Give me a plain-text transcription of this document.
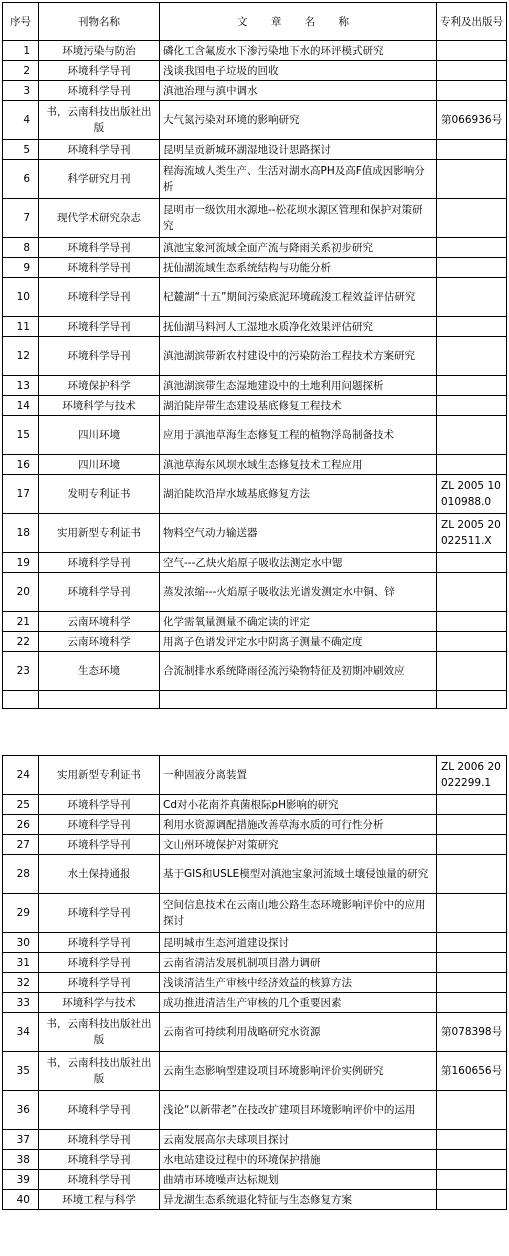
序号	刊物名称	文 章 名 称	专利及出版号
1	环境污染与防治	磷化工含氟废水下渗污染地下水的环评模式研究	
2	环境科学导刊	浅谈我国电子垃圾的回收	
3	环境科学导刊	滇池治理与滇中调水	
4	书，云南科技出版社出版	大气氮污染对环境的影响研究	第066936号
5	环境科学导刊	昆明呈贡新城环湖湿地设计思路探讨	
6	科学研究月刊	程海流域人类生产、生活对湖水高PH及高F值成因影响分析	
7	现代学术研究杂志	昆明市一级饮用水源地--松花坝水源区管理和保护对策研究	
8	环境科学导刊	滇池宝象河流域全面产流与降雨关系初步研究	
9	环境科学导刊	抚仙湖流域生态系统结构与功能分析	
10	环境科学导刊	杞麓湖“十五”期间污染底泥环境疏浚工程效益评估研究	
11	环境科学导刊	抚仙湖马料河人工湿地水质净化效果评估研究	
12	环境科学导刊	滇池湖滨带新农村建设中的污染防治工程技术方案研究	
13	环境保护科学	滇池湖滨带生态湿地建设中的土地利用问题探析	
14	环境科学与技术	湖泊陡岸带生态建设基底修复工程技术	
15	四川环境	应用于滇池草海生态修复工程的植物浮岛制备技术	
16	四川环境	滇池草海东风坝水域生态修复技术工程应用	
17	发明专利证书	湖泊陡坎沿岸水域基底修复方法	ZL 2005 10010988.0
18	实用新型专利证书	物料空气动力输送器	ZL 2005 20022511.X
19	环境科学导刊	空气---乙炔火焰原子吸收法测定水中锶	
20	环境科学导刊	蒸发浓缩---火焰原子吸收法光谱发测定水中铜、锌	
21	云南环境科学	化学需氧量测量不确定读的评定	
22	云南环境科学	用离子色谱发评定水中阴离子测量不确定度	
23	生态环境	合流制排水系统降雨径流污染物特征及初期冲刷效应	

24	实用新型专利证书	一种固液分离装置	ZL 2006 20022299.1
25	环境科学导刊	Cd对小花南芥真菌根际pH影响的研究	
26	环境科学导刊	利用水资源调配措施改善草海水质的可行性分析	
27	环境科学导刊	文山州环境保护对策研究	
28	水土保持通报	基于GIS和USLE模型对滇池宝象河流域土壤侵蚀量的研究	
29	环境科学导刊	空间信息技术在云南山地公路生态环境影响评价中的应用探讨	
30	环境科学导刊	昆明城市生态河道建设探讨	
31	环境科学导刊	云南省清洁发展机制项目潜力调研	
32	环境科学导刊	浅谈清洁生产审核中经济效益的核算方法	
33	环境科学与技术	成功推进清洁生产审核的几个重要因素	
34	书，云南科技出版社出版	云南省可持续利用战略研究水资源	第078398号
35	书，云南科技出版社出版	云南生态影响型建设项目环境影响评价实例研究	第160656号
36	环境科学导刊	浅论“以新带老”在技改扩建项目环境影响评价中的运用	
37	环境科学导刊	云南发展高尔夫球项目探讨	
38	环境科学导刊	水电站建设过程中的环境保护措施	
39	环境科学导刊	曲靖市环境噪声达标规划	
40	环境工程与科学	异龙湖生态系统退化特征与生态修复方案	
